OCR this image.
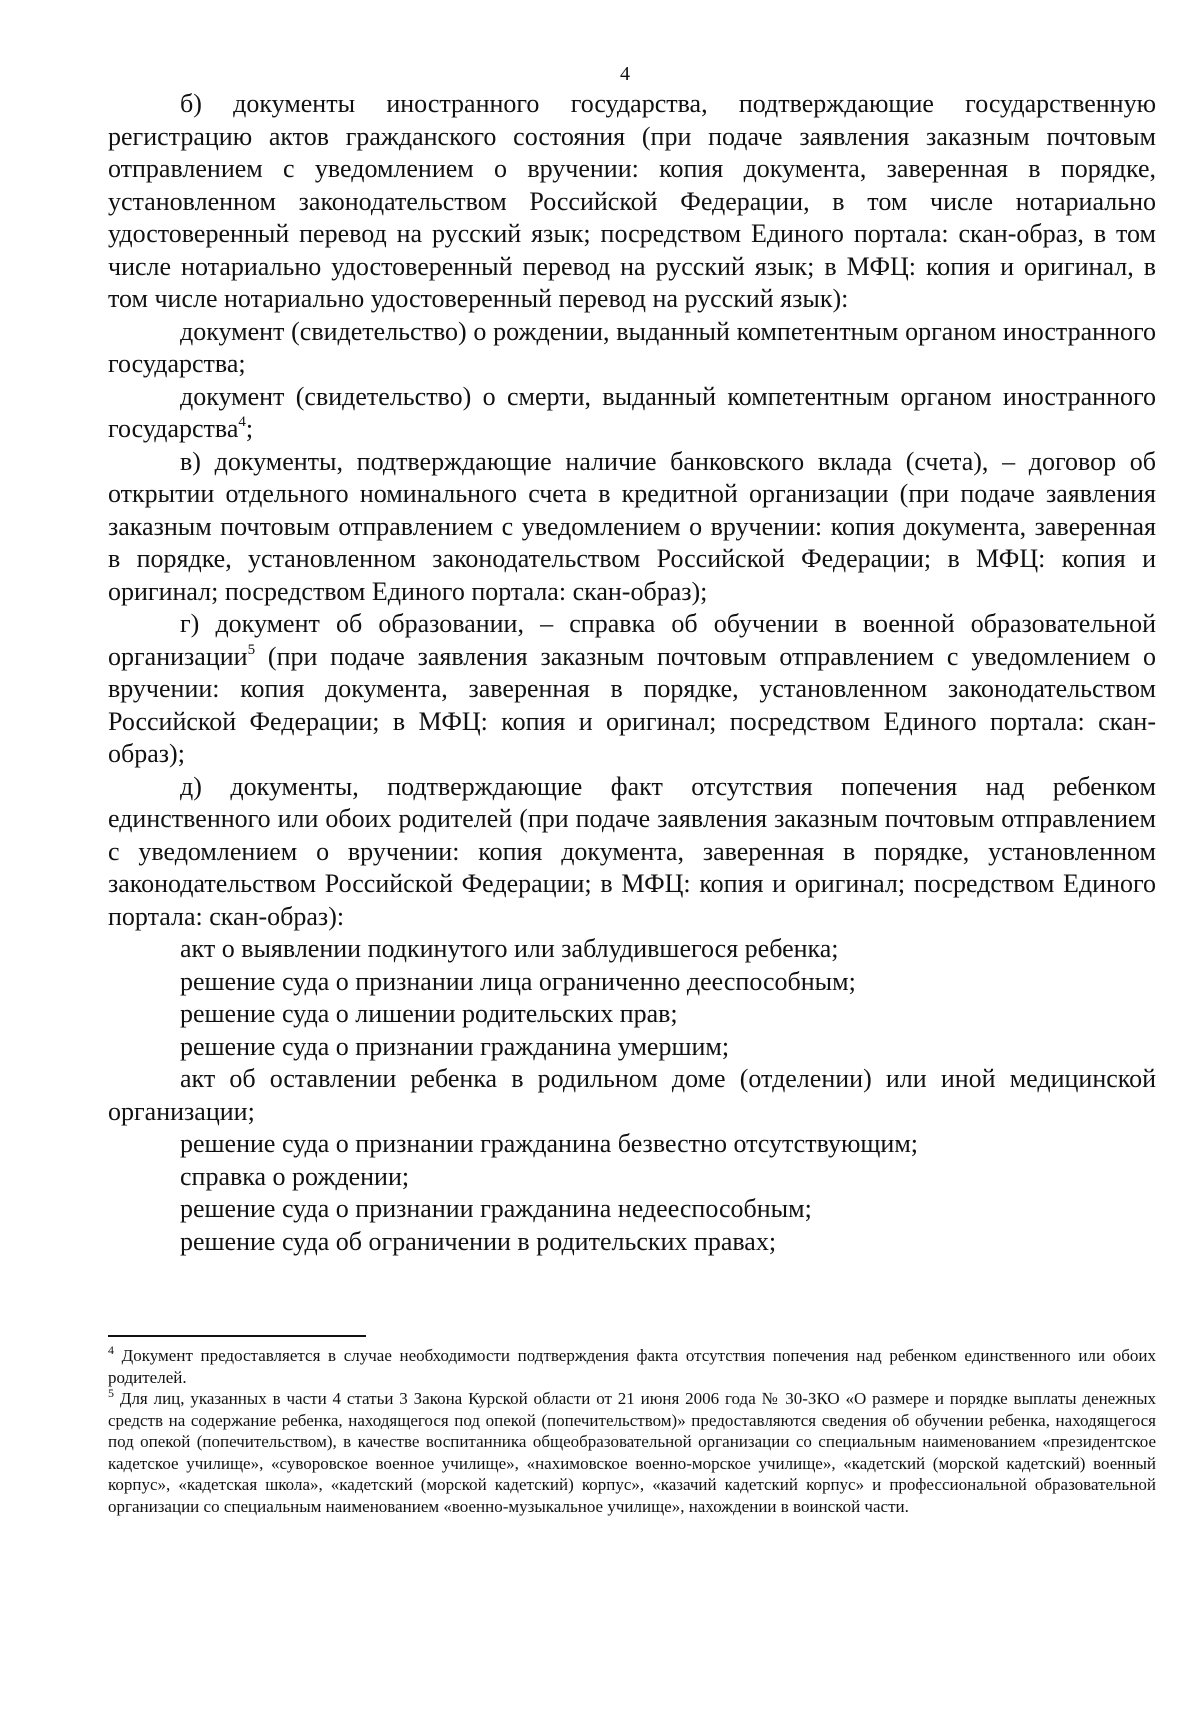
4

б) документы иностранного государства, подтверждающие государственную регистрацию актов гражданского состояния (при подаче заявления заказным почтовым отправлением с уведомлением о вручении: копия документа, заверенная в порядке, установленном законодательством Российской Федерации, в том числе нотариально удостоверенный перевод на русский язык; посредством Единого портала: скан-образ, в том числе нотариально удостоверенный перевод на русский язык; в МФЦ: копия и оригинал, в том числе нотариально удостоверенный перевод на русский язык):

документ (свидетельство) о рождении, выданный компетентным органом иностранного государства;

документ (свидетельство) о смерти, выданный компетентным органом иностранного государства$^4$;

в) документы, подтверждающие наличие банковского вклада (счета), – договор об открытии отдельного номинального счета в кредитной организации (при подаче заявления заказным почтовым отправлением с уведомлением о вручении: копия документа, заверенная в порядке, установленном законодательством Российской Федерации; в МФЦ: копия и оригинал; посредством Единого портала: скан-образ);

г) документ об образовании, – справка об обучении в военной образовательной организации$^5$ (при подаче заявления заказным почтовым отправлением с уведомлением о вручении: копия документа, заверенная в порядке, установленном законодательством Российской Федерации; в МФЦ: копия и оригинал; посредством Единого портала: скан-образ);

д) документы, подтверждающие факт отсутствия попечения над ребенком единственного или обоих родителей (при подаче заявления заказным почтовым отправлением с уведомлением о вручении: копия документа, заверенная в порядке, установленном законодательством Российской Федерации; в МФЦ: копия и оригинал; посредством Единого портала: скан-образ):

акт о выявлении подкинутого или заблудившегося ребенка;

решение суда о признании лица ограниченно дееспособным;

решение суда о лишении родительских прав;

решение суда о признании гражданина умершим;

акт об оставлении ребенка в родильном доме (отделении) или иной медицинской организации;

решение суда о признании гражданина безвестно отсутствующим;

справка о рождении;

решение суда о признании гражданина недееспособным;

решение суда об ограничении в родительских правах;

$^4$ Документ предоставляется в случае необходимости подтверждения факта отсутствия попечения над ребенком единственного или обоих родителей.

$^5$ Для лиц, указанных в части 4 статьи 3 Закона Курской области от 21 июня 2006 года № 30-ЗКО «О размере и порядке выплаты денежных средств на содержание ребенка, находящегося под опекой (попечительством)» предоставляются сведения об обучении ребенка, находящегося под опекой (попечительством), в качестве воспитанника общеобразовательной организации со специальным наименованием «президентское кадетское училище», «суворовское военное училище», «нахимовское военно-морское училище», «кадетский (морской кадетский) военный корпус», «кадетская школа», «кадетский (морской кадетский) корпус», «казачий кадетский корпус» и профессиональной образовательной организации со специальным наименованием «военно-музыкальное училище», нахождении в воинской части.
